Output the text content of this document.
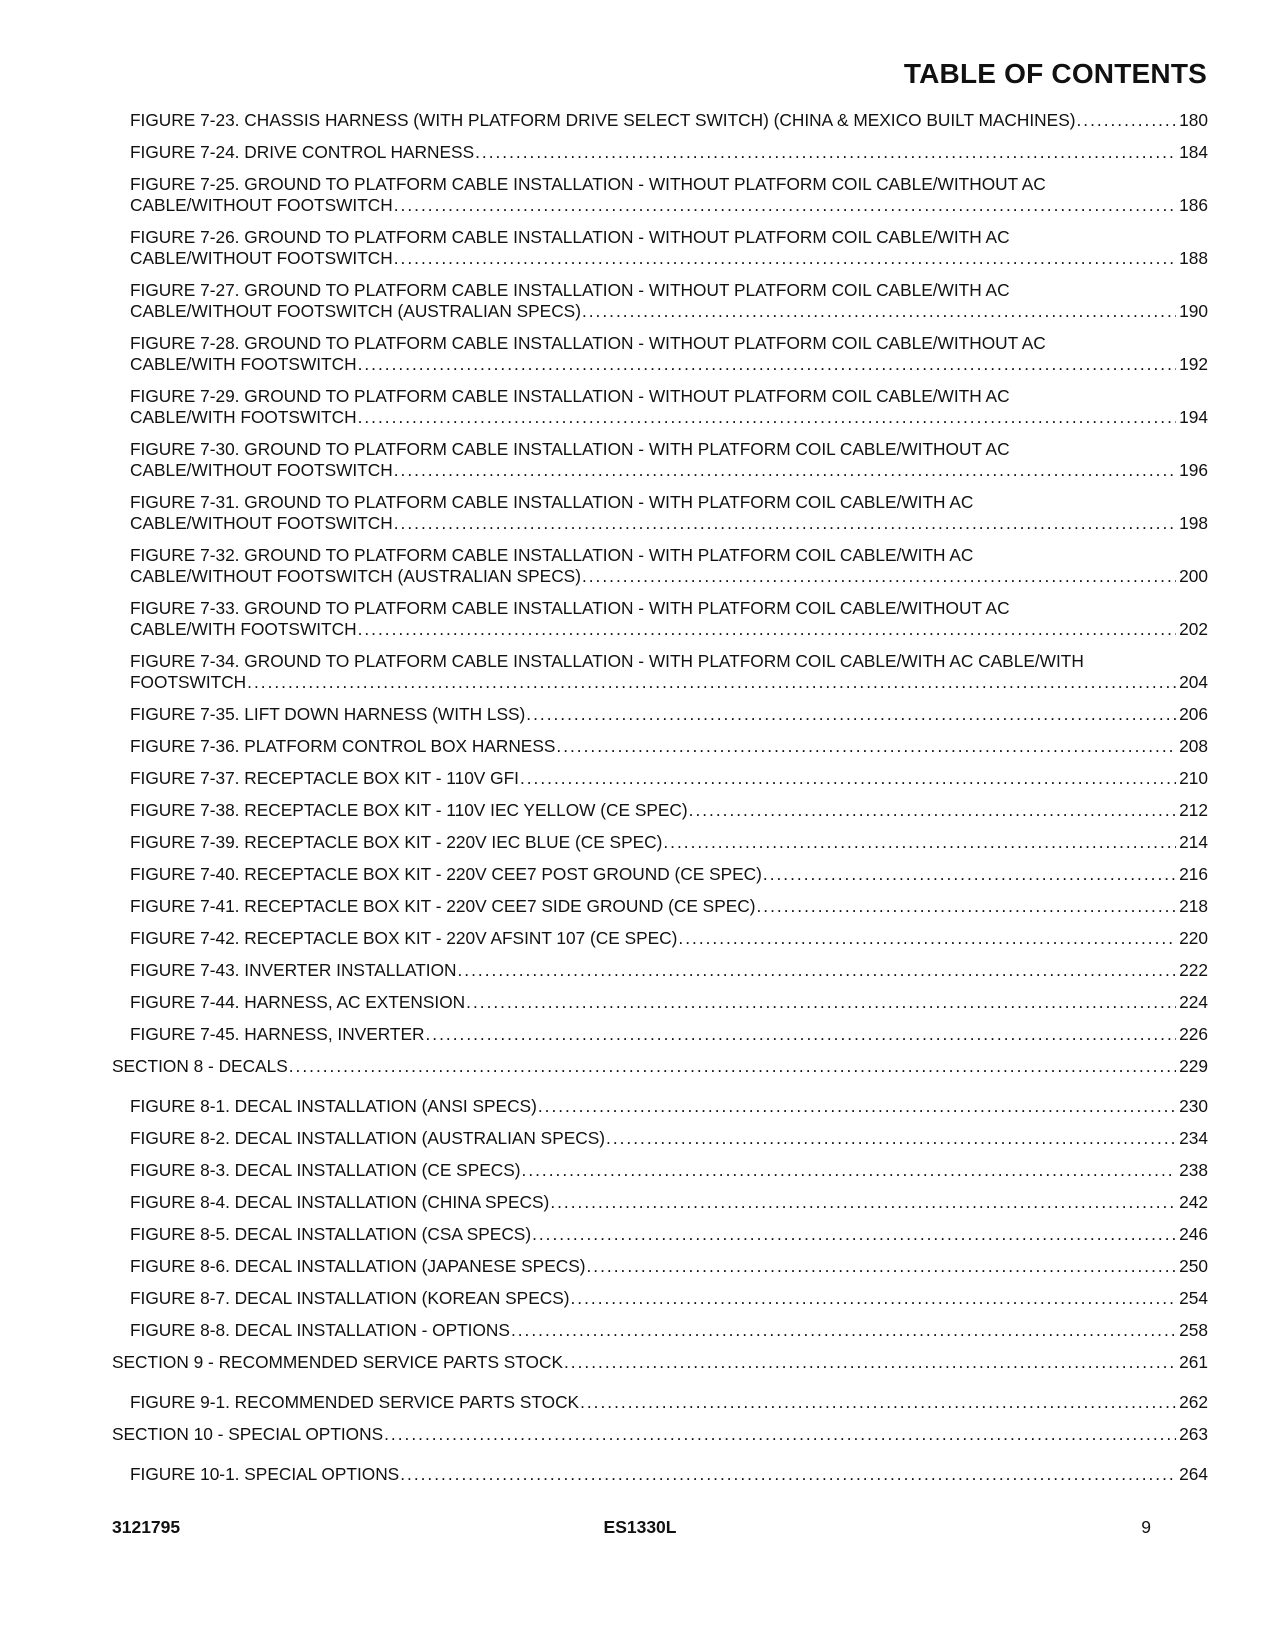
TABLE OF CONTENTS
FIGURE 7-23. CHASSIS HARNESS (WITH PLATFORM DRIVE SELECT SWITCH) (CHINA & MEXICO BUILT MACHINES) . . .	180
FIGURE 7-24. DRIVE CONTROL HARNESS . . .	184
FIGURE 7-25. GROUND TO PLATFORM CABLE INSTALLATION - WITHOUT PLATFORM COIL CABLE/WITHOUT AC
CABLE/WITHOUT FOOTSWITCH . . .	186
FIGURE 7-26. GROUND TO PLATFORM CABLE INSTALLATION - WITHOUT PLATFORM COIL CABLE/WITH AC
CABLE/WITHOUT FOOTSWITCH . . .	188
FIGURE 7-27. GROUND TO PLATFORM CABLE INSTALLATION - WITHOUT PLATFORM COIL CABLE/WITH AC
CABLE/WITHOUT FOOTSWITCH (AUSTRALIAN SPECS) . . .	190
FIGURE 7-28. GROUND TO PLATFORM CABLE INSTALLATION - WITHOUT PLATFORM COIL CABLE/WITHOUT AC
CABLE/WITH FOOTSWITCH . . .	192
FIGURE 7-29. GROUND TO PLATFORM CABLE INSTALLATION - WITHOUT PLATFORM COIL CABLE/WITH AC
CABLE/WITH FOOTSWITCH . . .	194
FIGURE 7-30. GROUND TO PLATFORM CABLE INSTALLATION - WITH PLATFORM COIL CABLE/WITHOUT AC
CABLE/WITHOUT FOOTSWITCH . . .	196
FIGURE 7-31. GROUND TO PLATFORM CABLE INSTALLATION - WITH PLATFORM COIL CABLE/WITH AC
CABLE/WITHOUT FOOTSWITCH . . .	198
FIGURE 7-32. GROUND TO PLATFORM CABLE INSTALLATION - WITH PLATFORM COIL CABLE/WITH AC
CABLE/WITHOUT FOOTSWITCH (AUSTRALIAN SPECS) . . .	200
FIGURE 7-33. GROUND TO PLATFORM CABLE INSTALLATION - WITH PLATFORM COIL CABLE/WITHOUT AC
CABLE/WITH FOOTSWITCH . . .	202
FIGURE 7-34. GROUND TO PLATFORM CABLE INSTALLATION - WITH PLATFORM COIL CABLE/WITH AC CABLE/WITH
FOOTSWITCH . . .	204
FIGURE 7-35. LIFT DOWN HARNESS (WITH LSS) . . .	206
FIGURE 7-36. PLATFORM CONTROL BOX HARNESS . . .	208
FIGURE 7-37. RECEPTACLE BOX KIT - 110V GFI . . .	210
FIGURE 7-38. RECEPTACLE BOX KIT - 110V IEC YELLOW (CE SPEC) . . .	212
FIGURE 7-39. RECEPTACLE BOX KIT - 220V IEC BLUE (CE SPEC) . . .	214
FIGURE 7-40. RECEPTACLE BOX KIT - 220V CEE7 POST GROUND (CE SPEC) . . .	216
FIGURE 7-41. RECEPTACLE BOX KIT - 220V CEE7 SIDE GROUND (CE SPEC) . . .	218
FIGURE 7-42. RECEPTACLE BOX KIT - 220V AFSINT 107 (CE SPEC) . . .	220
FIGURE 7-43. INVERTER INSTALLATION . . .	222
FIGURE 7-44. HARNESS, AC EXTENSION . . .	224
FIGURE 7-45. HARNESS, INVERTER . . .	226
SECTION 8 - DECALS . . .	229
FIGURE 8-1. DECAL INSTALLATION (ANSI SPECS) . . .	230
FIGURE 8-2. DECAL INSTALLATION (AUSTRALIAN SPECS) . . .	234
FIGURE 8-3. DECAL INSTALLATION (CE SPECS) . . .	238
FIGURE 8-4. DECAL INSTALLATION (CHINA SPECS) . . .	242
FIGURE 8-5. DECAL INSTALLATION (CSA SPECS) . . .	246
FIGURE 8-6. DECAL INSTALLATION (JAPANESE SPECS) . . .	250
FIGURE 8-7. DECAL INSTALLATION (KOREAN SPECS) . . .	254
FIGURE 8-8. DECAL INSTALLATION - OPTIONS . . .	258
SECTION 9 - RECOMMENDED SERVICE PARTS STOCK . . .	261
FIGURE 9-1. RECOMMENDED SERVICE PARTS STOCK . . .	262
SECTION 10 - SPECIAL OPTIONS . . .	263
FIGURE 10-1. SPECIAL OPTIONS . . .	264
3121795	ES1330L	9
